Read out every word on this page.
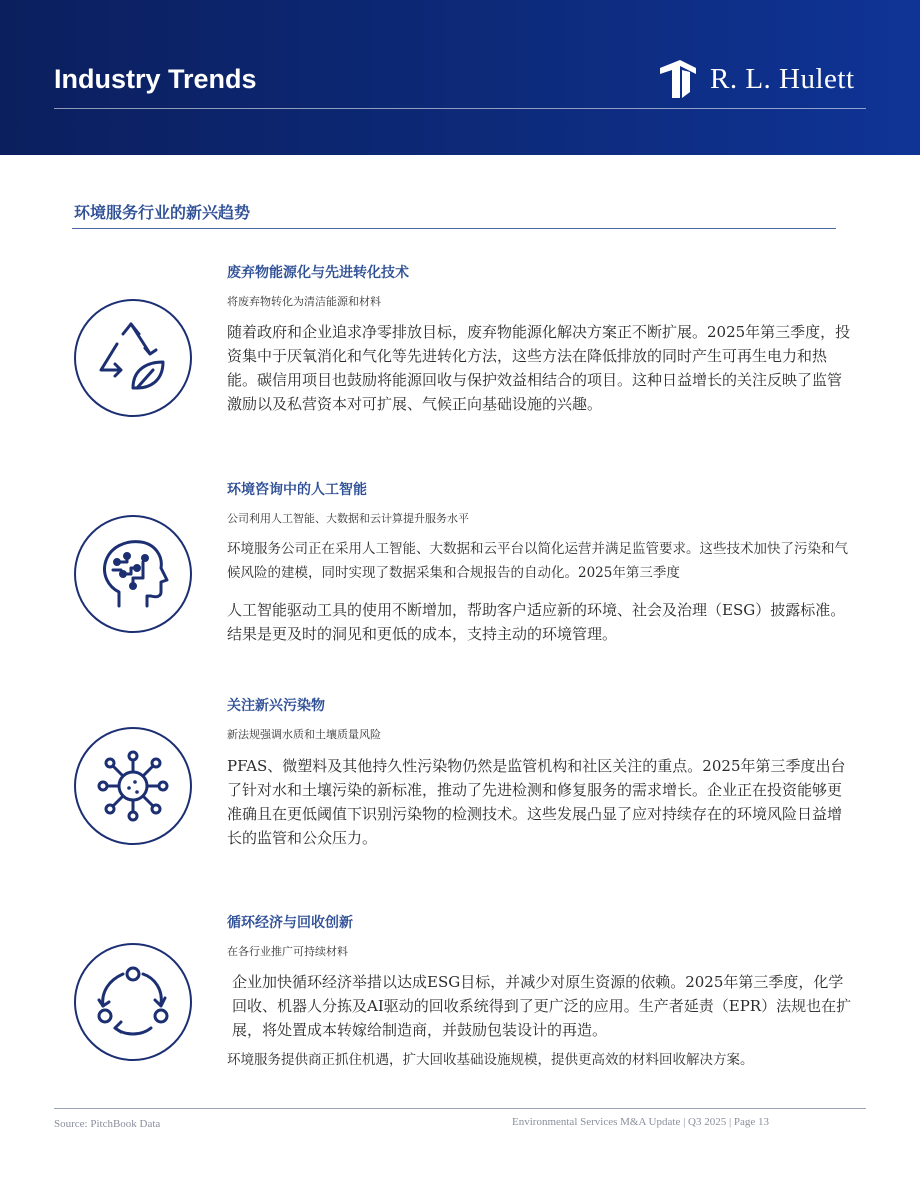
Industry Trends	R. L. Hulett
环境服务行业的新兴趋势
废弃物能源化与先进转化技术
将废弃物转化为清洁能源和材料
随着政府和企业追求净零排放目标，废弃物能源化解决方案正不断扩展。2025年第三季度，投资集中于厌氧消化和气化等先进转化方法，这些方法在降低排放的同时产生可再生电力和热能。碳信用项目也鼓励将能源回收与保护效益相结合的项目。这种日益增长的关注反映了监管激励以及私营资本对可扩展、气候正向基础设施的兴趣。
环境咨询中的人工智能
公司利用人工智能、大数据和云计算提升服务水平
环境服务公司正在采用人工智能、大数据和云平台以简化运营并满足监管要求。这些技术加快了污染和气候风险的建模，同时实现了数据采集和合规报告的自动化。2025年第三季度
人工智能驱动工具的使用不断增加，帮助客户适应新的环境、社会及治理（ESG）披露标准。结果是更及时的洞见和更低的成本，支持主动的环境管理。
关注新兴污染物
新法规强调水质和土壤质量风险
PFAS、微塑料及其他持久性污染物仍然是监管机构和社区关注的重点。2025年第三季度出台了针对水和土壤污染的新标准，推动了先进检测和修复服务的需求增长。企业正在投资能够更准确且在更低阈值下识别污染物的检测技术。这些发展凸显了应对持续存在的环境风险日益增长的监管和公众压力。
循环经济与回收创新
在各行业推广可持续材料
企业加快循环经济举措以达成ESG目标，并减少对原生资源的依赖。2025年第三季度，化学回收、机器人分拣及AI驱动的回收系统得到了更广泛的应用。生产者延责（EPR）法规也在扩展，将处置成本转嫁给制造商，并鼓励包装设计的再造。
环境服务提供商正抓住机遇，扩大回收基础设施规模，提供更高效的材料回收解决方案。
Source: PitchBook Data	Environmental Services M&A Update | Q3 2025 | Page 13
